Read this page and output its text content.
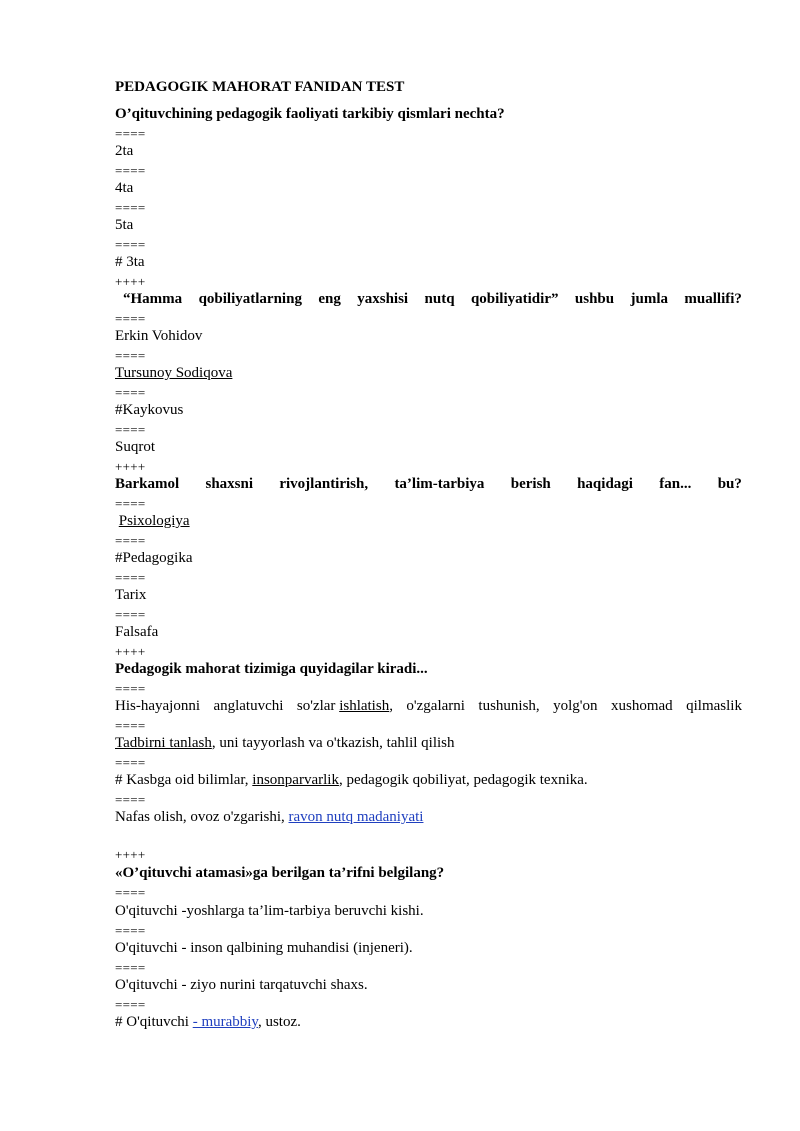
PEDAGOGIK MAHORAT FANIDAN TEST
O’qituvchining pedagogik faoliyati tarkibiy qismlari nechta?
====
2ta
====
4ta
====
5ta
====
# 3ta
++++
“Hamma qobiliyatlarning eng yaxshisi nutq qobiliyatidir” ushbu jumla muallifi?
====
Erkin Vohidov
====
Tursunoy Sodiqova
====
#Kaykovus
====
Suqrot
++++
Barkamol shaxsni rivojlantirish, ta’lim-tarbiya berish haqidagi fan... bu?
====
Psixologiya
====
#Pedagogika
====
Tarix
====
Falsafa
++++
Pedagogik mahorat tizimiga quyidagilar kiradi...
====
His-hayajonni anglatuvchi so'zlar ishlatish, o'zgalarni tushunish, yolg'on xushomad qilmaslik
====
Tadbirni tanlash, uni tayyorlash va o'tkazish, tahlil qilish
====
# Kasbga oid bilimlar, insonparvarlik, pedagogik qobiliyat, pedagogik texnika.
====
Nafas olish, ovoz o'zgarishi, ravon nutq madaniyati
++++
«O’qituvchi atamasi»ga berilgan ta’rifni belgilang?
====
O'qituvchi -yoshlarga ta’lim-tarbiya beruvchi kishi.
====
O'qituvchi - inson qalbining muhandisi (injeneri).
====
O'qituvchi - ziyo nurini tarqatuvchi shaxs.
====
# O'qituvchi - murabbiy, ustoz.
